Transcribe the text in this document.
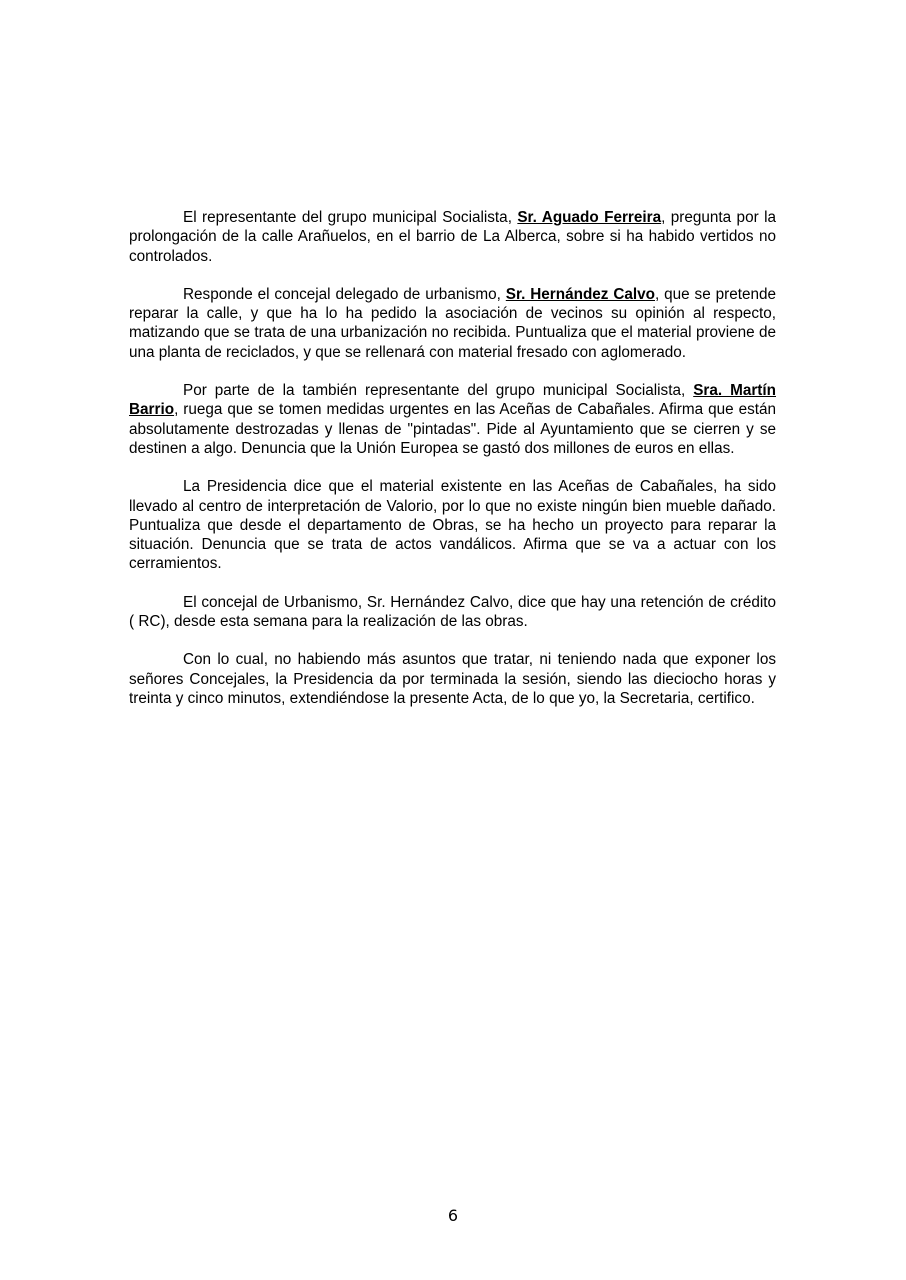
El representante del grupo municipal Socialista, Sr. Aguado Ferreira, pregunta por la prolongación de la calle Arañuelos, en el barrio de La Alberca, sobre si ha habido vertidos no controlados.

Responde el concejal delegado de urbanismo, Sr. Hernández Calvo, que se pretende reparar la calle, y que ha lo ha pedido la asociación de vecinos su opinión al respecto, matizando que se trata de una urbanización no recibida. Puntualiza que el material proviene de una planta de reciclados, y que se rellenará con material fresado con aglomerado.

Por parte de la también representante del grupo municipal Socialista, Sra. Martín Barrio, ruega que se tomen medidas urgentes en las Aceñas de Cabañales. Afirma que están absolutamente destrozadas y llenas de "pintadas". Pide al Ayuntamiento que se cierren y se destinen a algo. Denuncia que la Unión Europea se gastó dos millones de euros en ellas.

La Presidencia dice que el material existente en las Aceñas de Cabañales, ha sido llevado al centro de interpretación de Valorio, por lo que no existe ningún bien mueble dañado. Puntualiza que desde el departamento de Obras, se ha hecho un proyecto para reparar la situación. Denuncia que se trata de actos vandálicos. Afirma que se va a actuar con los cerramientos.

El concejal de Urbanismo, Sr. Hernández Calvo, dice que hay una retención de crédito ( RC), desde esta semana para la realización de las obras.

Con lo cual, no habiendo más asuntos que tratar, ni teniendo nada que exponer los señores Concejales, la Presidencia da por terminada la sesión, siendo las dieciocho horas y treinta y cinco minutos, extendiéndose la presente Acta, de lo que yo, la Secretaria, certifico.

6
